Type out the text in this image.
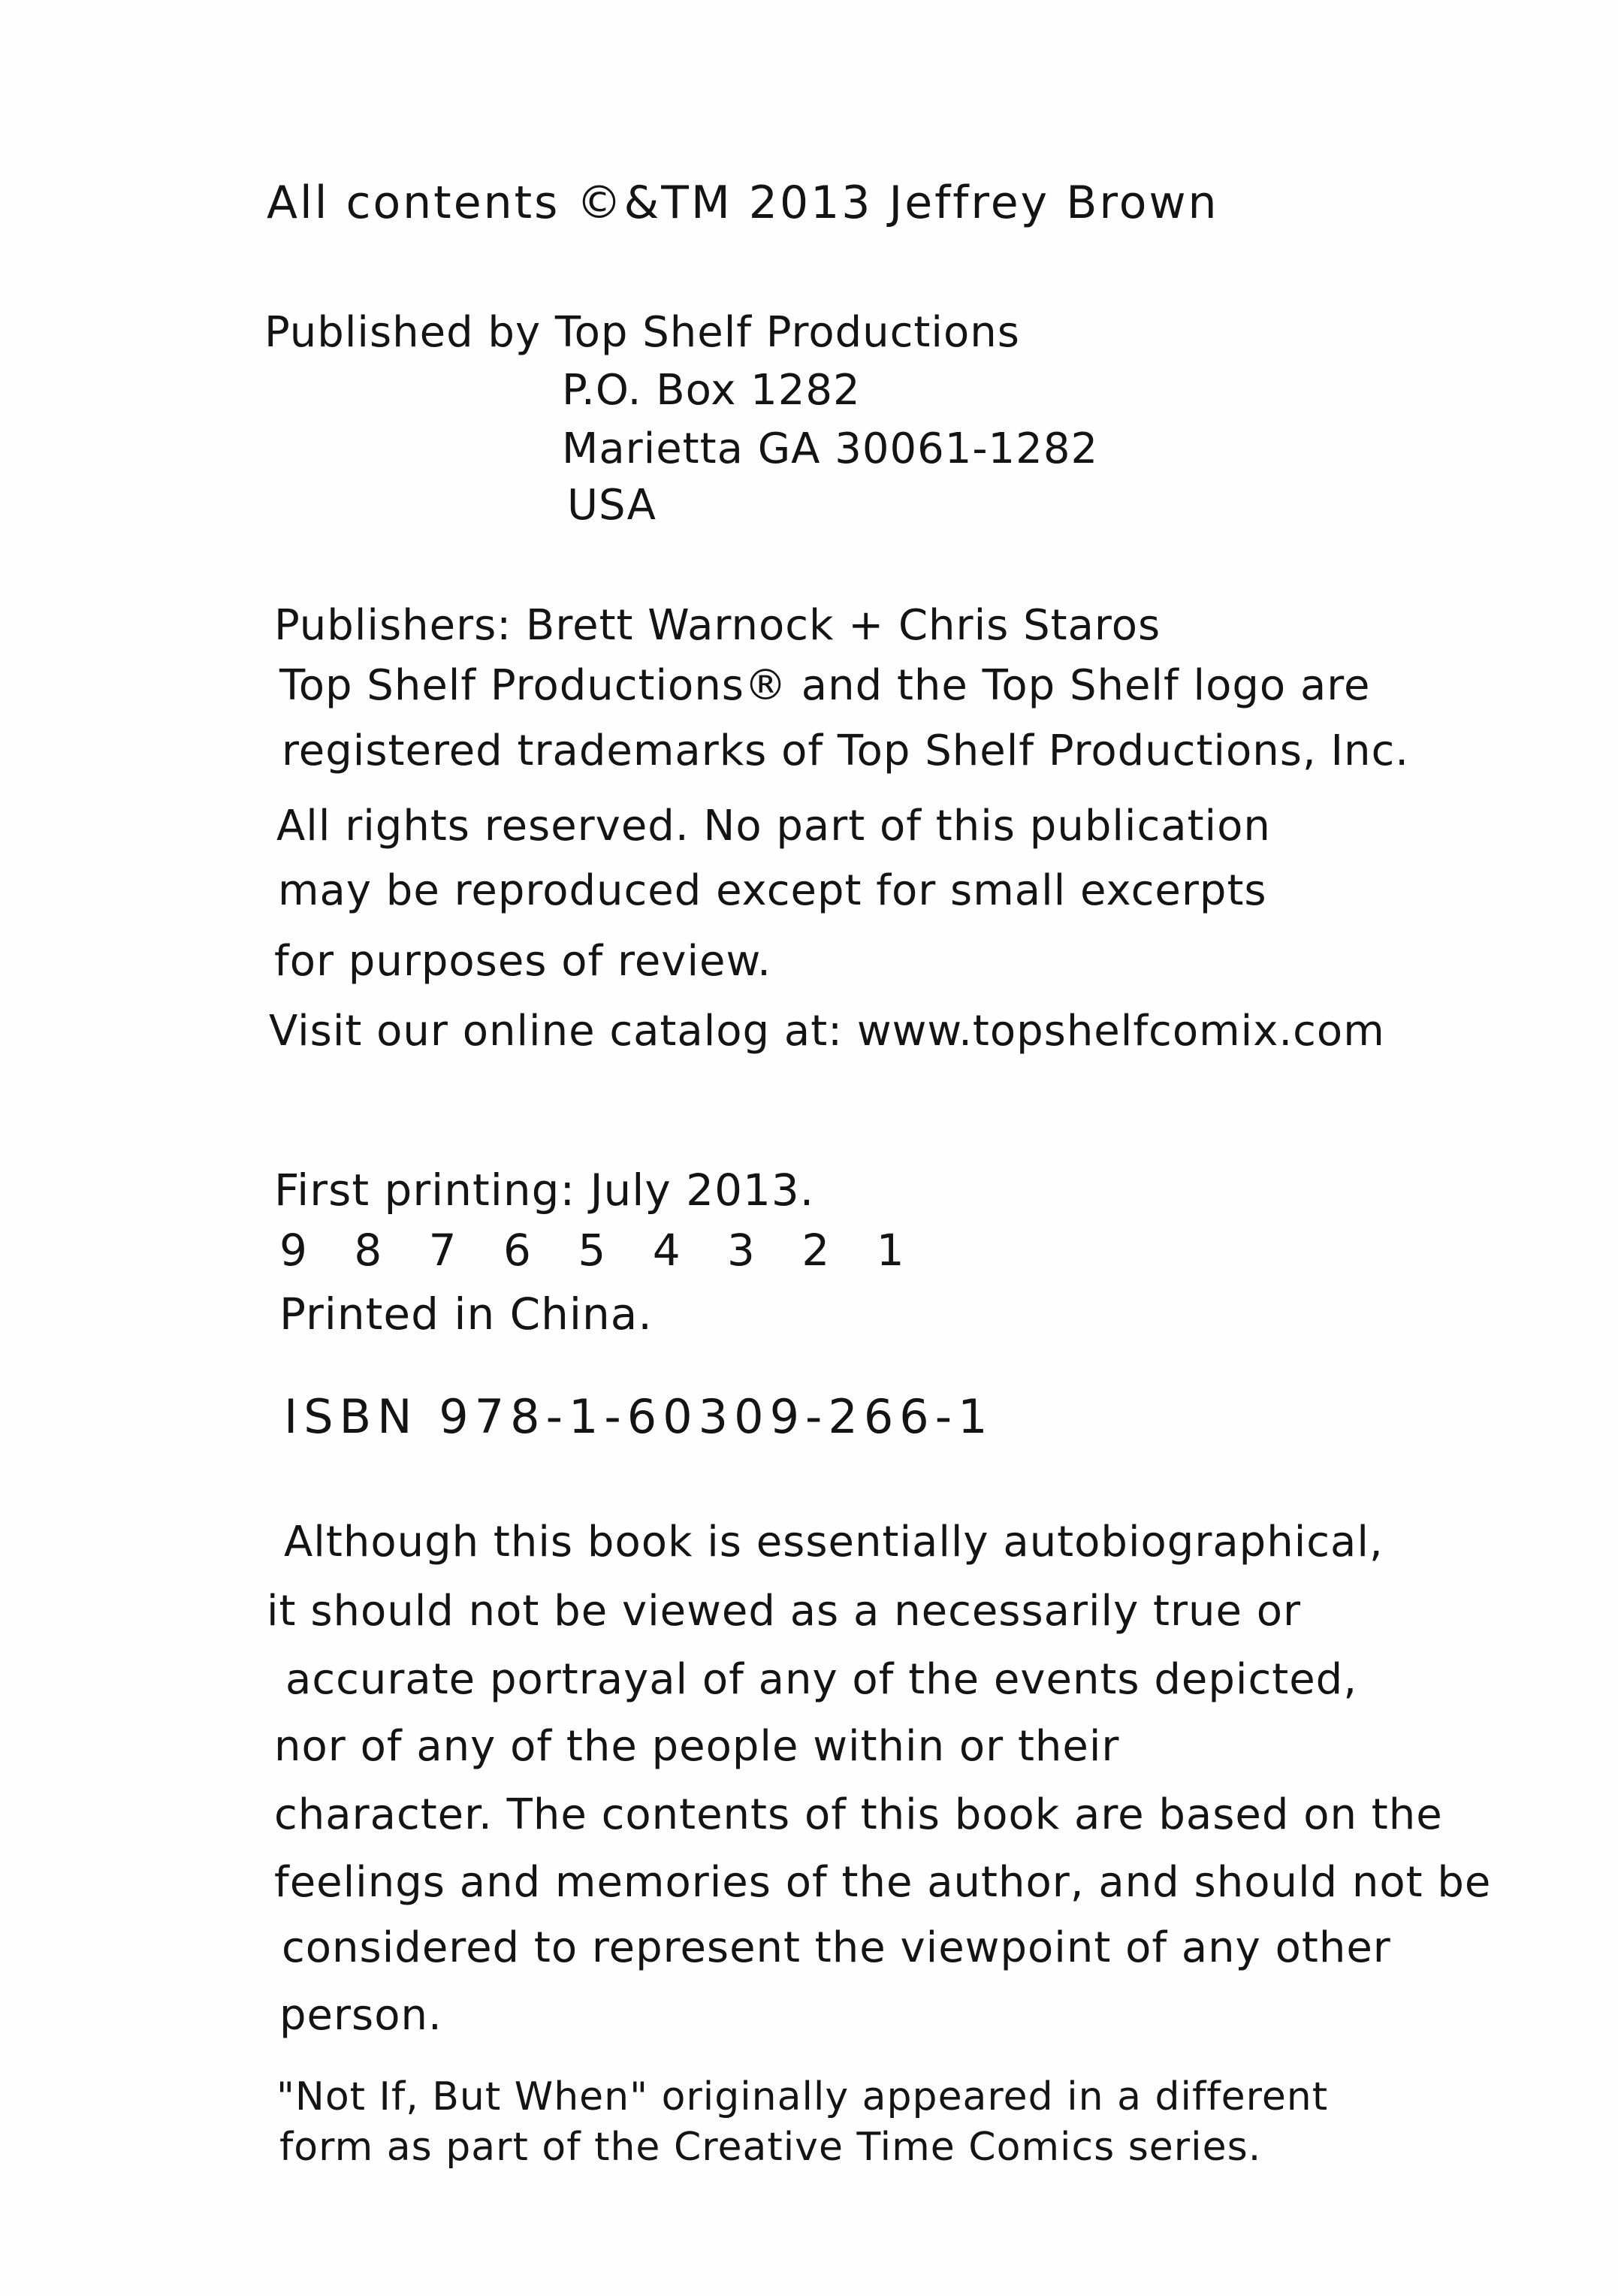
All contents ©&TM 2013 Jeffrey Brown
Published by Top Shelf Productions
P.O. Box 1282
Marietta GA 30061-1282
USA
Publishers: Brett Warnock + Chris Staros
Top Shelf Productions® and the Top Shelf logo are
registered trademarks of Top Shelf Productions, Inc.
All rights reserved. No part of this publication
may be reproduced except for small excerpts
for purposes of review.
Visit our online catalog at: www.topshelfcomix.com
First printing: July 2013.
9 8 7 6 5 4 3 2 1
Printed in China.
ISBN 978-1-60309-266-1
Although this book is essentially autobiographical,
it should not be viewed as a necessarily true or
accurate portrayal of any of the events depicted,
nor of any of the people within or their
character. The contents of this book are based on the
feelings and memories of the author, and should not be
considered to represent the viewpoint of any other
person.
"Not If, But When" originally appeared in a different
form as part of the Creative Time Comics series.
